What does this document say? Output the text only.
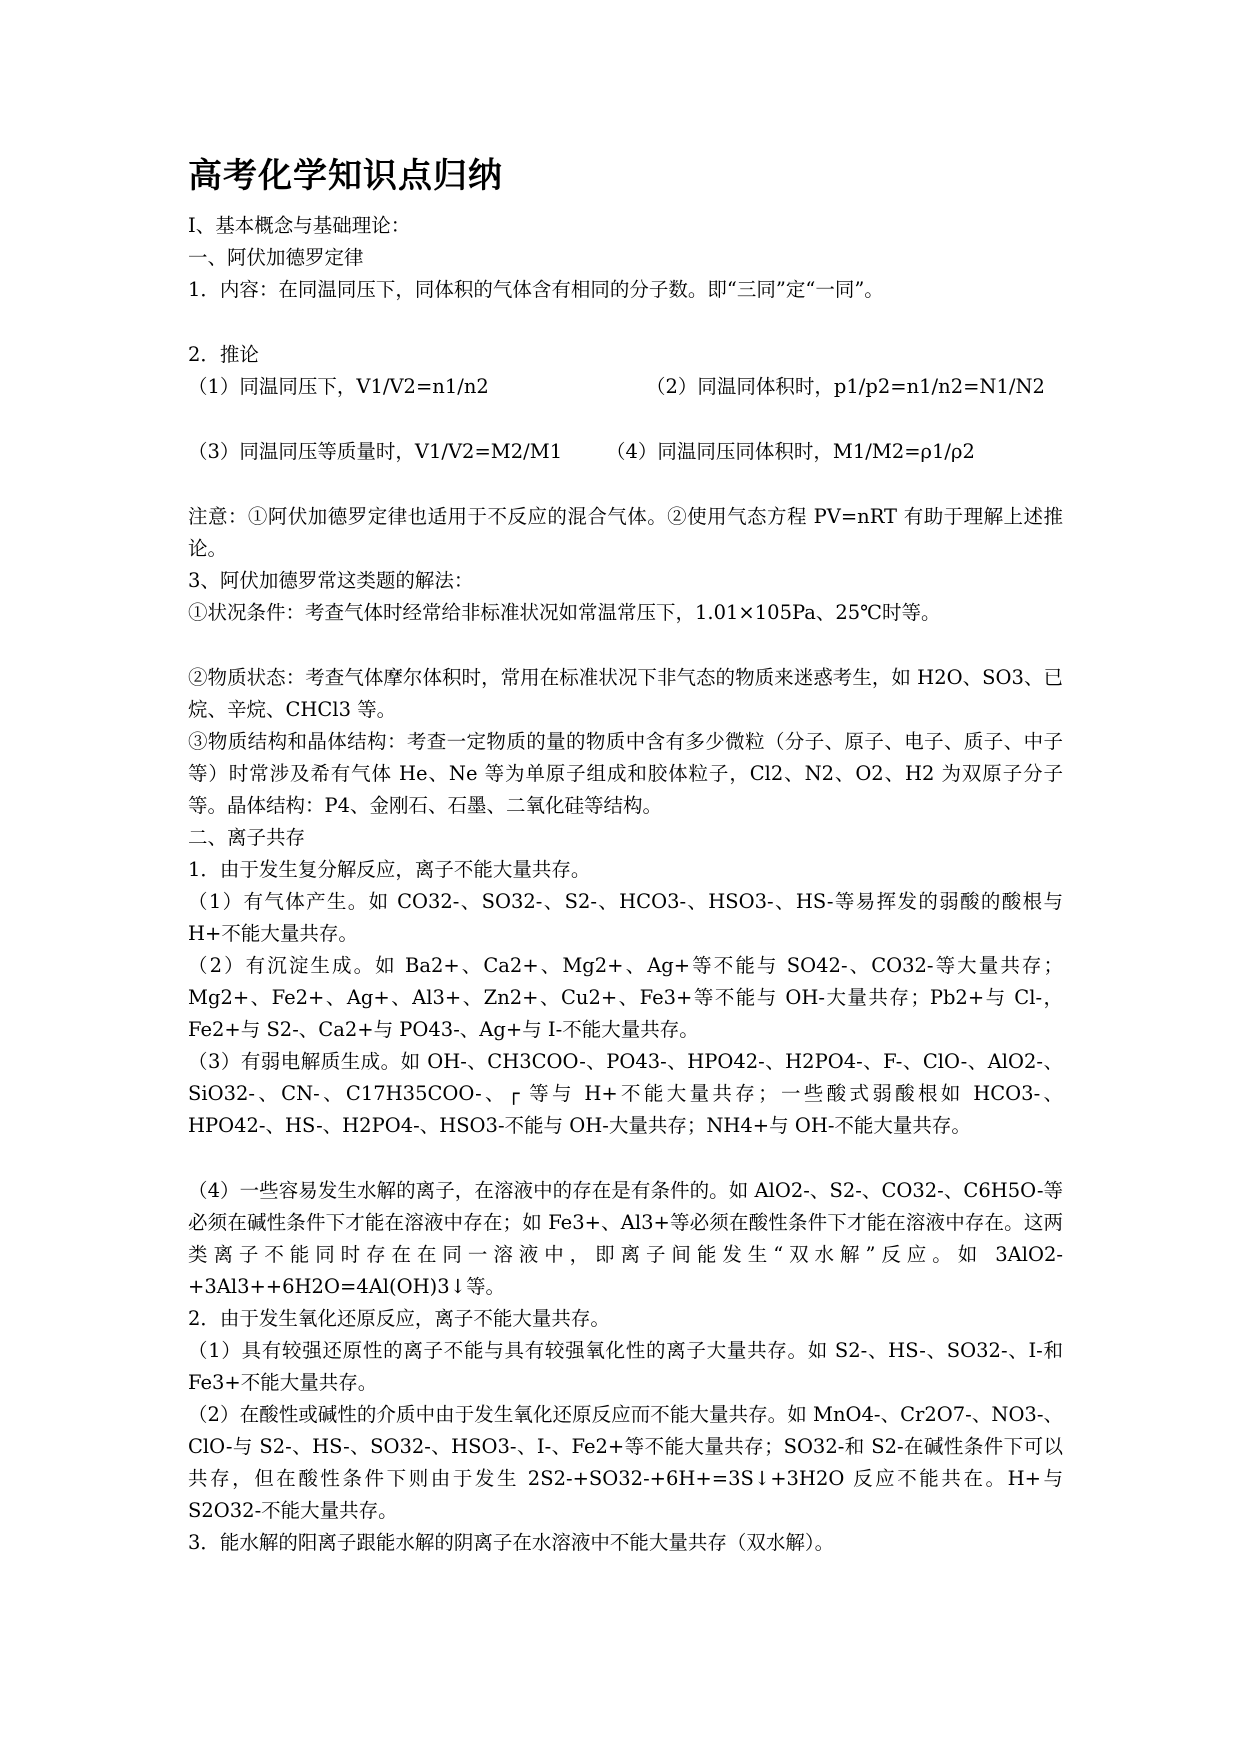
高考化学知识点归纳
Ⅰ、基本概念与基础理论：
一、阿伏加德罗定律
1．内容：在同温同压下，同体积的气体含有相同的分子数。即“三同”定“一同”。
2．推论
（1）同温同压下，V1/V2=n1/n2	（2）同温同体积时，p1/p2=n1/n2=N1/N2
（3）同温同压等质量时，V1/V2=M2/M1 （4）同温同压同体积时，M1/M2=ρ1/ρ2
注意：①阿伏加德罗定律也适用于不反应的混合气体。②使用气态方程 PV=nRT 有助于理解上述推论。
3、阿伏加德罗常这类题的解法：
①状况条件：考查气体时经常给非标准状况如常温常压下，1.01×105Pa、25℃时等。
②物质状态：考查气体摩尔体积时，常用在标准状况下非气态的物质来迷惑考生，如 H2O、SO3、已烷、辛烷、CHCl3 等。
③物质结构和晶体结构：考查一定物质的量的物质中含有多少微粒（分子、原子、电子、质子、中子等）时常涉及希有气体 He、Ne 等为单原子组成和胶体粒子，Cl2、N2、O2、H2 为双原子分子等。晶体结构：P4、金刚石、石墨、二氧化硅等结构。
二、离子共存
1．由于发生复分解反应，离子不能大量共存。
（1）有气体产生。如 CO32-、SO32-、S2-、HCO3-、HSO3-、HS-等易挥发的弱酸的酸根与 H+不能大量共存。
（2）有沉淀生成。如 Ba2+、Ca2+、Mg2+、Ag+等不能与 SO42-、CO32-等大量共存；Mg2+、Fe2+、Ag+、Al3+、Zn2+、Cu2+、Fe3+等不能与 OH-大量共存；Pb2+与 Cl-，Fe2+与 S2-、Ca2+与 PO43-、Ag+与 I-不能大量共存。
（3）有弱电解质生成。如 OH-、CH3COO-、PO43-、HPO42-、H2PO4-、F-、ClO-、AlO2-、SiO32-、CN-、C17H35COO-、┌ 等与 H+不能大量共存；一些酸式弱酸根如 HCO3-、HPO42-、HS-、H2PO4-、HSO3-不能与 OH-大量共存；NH4+与 OH-不能大量共存。
（4）一些容易发生水解的离子，在溶液中的存在是有条件的。如 AlO2-、S2-、CO32-、C6H5O-等必须在碱性条件下才能在溶液中存在；如 Fe3+、Al3+等必须在酸性条件下才能在溶液中存在。这两类离子不能同时存在在同一溶液中，即离子间能发生“双水解”反应。如 3AlO2-+3Al3++6H2O=4Al(OH)3↓等。
2．由于发生氧化还原反应，离子不能大量共存。
（1）具有较强还原性的离子不能与具有较强氧化性的离子大量共存。如 S2-、HS-、SO32-、I-和 Fe3+不能大量共存。
（2）在酸性或碱性的介质中由于发生氧化还原反应而不能大量共存。如 MnO4-、Cr2O7-、NO3-、ClO-与 S2-、HS-、SO32-、HSO3-、I-、Fe2+等不能大量共存；SO32-和 S2-在碱性条件下可以共存，但在酸性条件下则由于发生 2S2-+SO32-+6H+=3S↓+3H2O 反应不能共在。H+与 S2O32-不能大量共存。
3．能水解的阳离子跟能水解的阴离子在水溶液中不能大量共存（双水解）。
